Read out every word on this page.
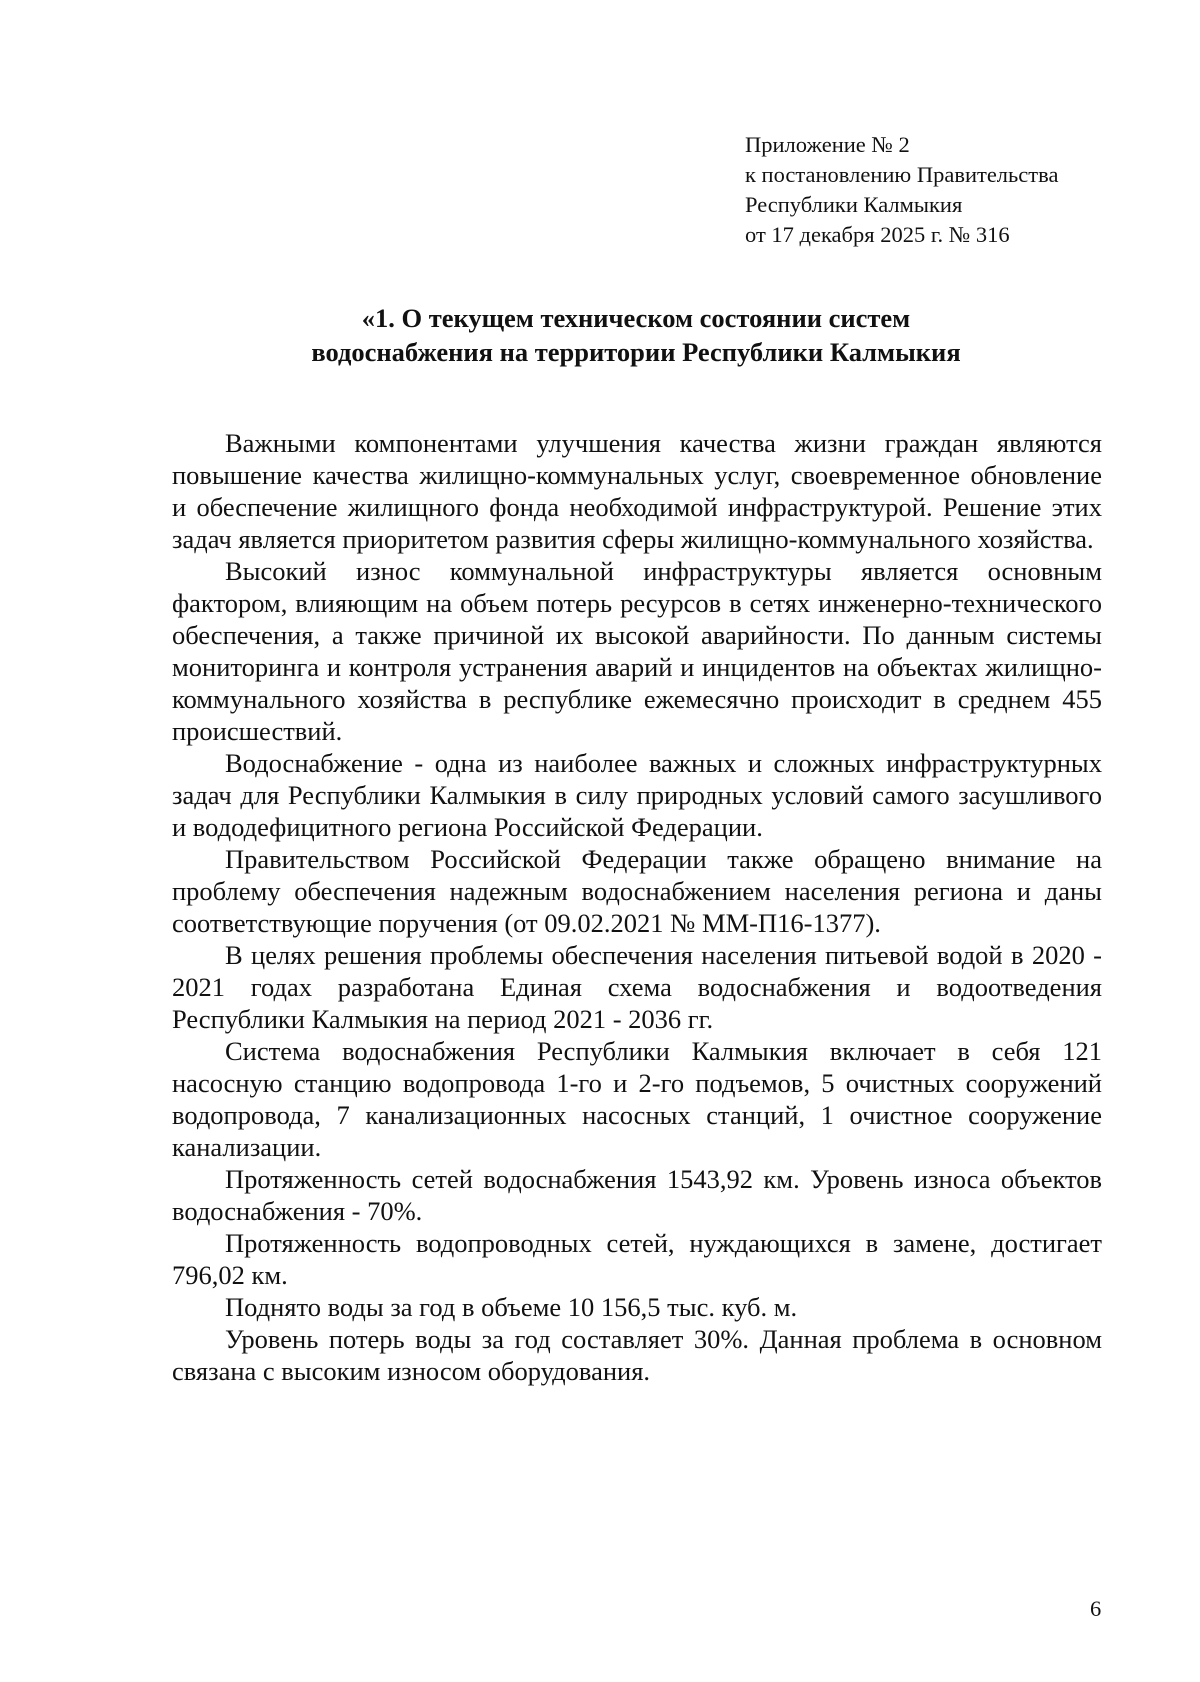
Приложение № 2
к постановлению Правительства
Республики Калмыкия
от 17 декабря 2025 г. № 316
«1. О текущем техническом состоянии систем
водоснабжения на территории Республики Калмыкия

Важными компонентами улучшения качества жизни граждан являются повышение качества жилищно-коммунальных услуг, своевременное обновление и обеспечение жилищного фонда необходимой инфраструктурой. Решение этих задач является приоритетом развития сферы жилищно-коммунального хозяйства.

Высокий износ коммунальной инфраструктуры является основным фактором, влияющим на объем потерь ресурсов в сетях инженерно-технического обеспечения, а также причиной их высокой аварийности. По данным системы мониторинга и контроля устранения аварий и инцидентов на объектах жилищно-коммунального хозяйства в республике ежемесячно происходит в среднем 455 происшествий.

Водоснабжение - одна из наиболее важных и сложных инфраструктурных задач для Республики Калмыкия в силу природных условий самого засушливого и вододефицитного региона Российской Федерации.

Правительством Российской Федерации также обращено внимание на проблему обеспечения надежным водоснабжением населения региона и даны соответствующие поручения (от 09.02.2021 № ММ-П16-1377).

В целях решения проблемы обеспечения населения питьевой водой в 2020 - 2021 годах разработана Единая схема водоснабжения и водоотведения Республики Калмыкия на период 2021 - 2036 гг.

Система водоснабжения Республики Калмыкия включает в себя 121 насосную станцию водопровода 1-го и 2-го подъемов, 5 очистных сооружений водопровода, 7 канализационных насосных станций, 1 очистное сооружение канализации.

Протяженность сетей водоснабжения 1543,92 км. Уровень износа объектов водоснабжения - 70%.

Протяженность водопроводных сетей, нуждающихся в замене, достигает 796,02 км.

Поднято воды за год в объеме 10 156,5 тыс. куб. м.

Уровень потерь воды за год составляет 30%. Данная проблема в основном связана с высоким износом оборудования.

6
